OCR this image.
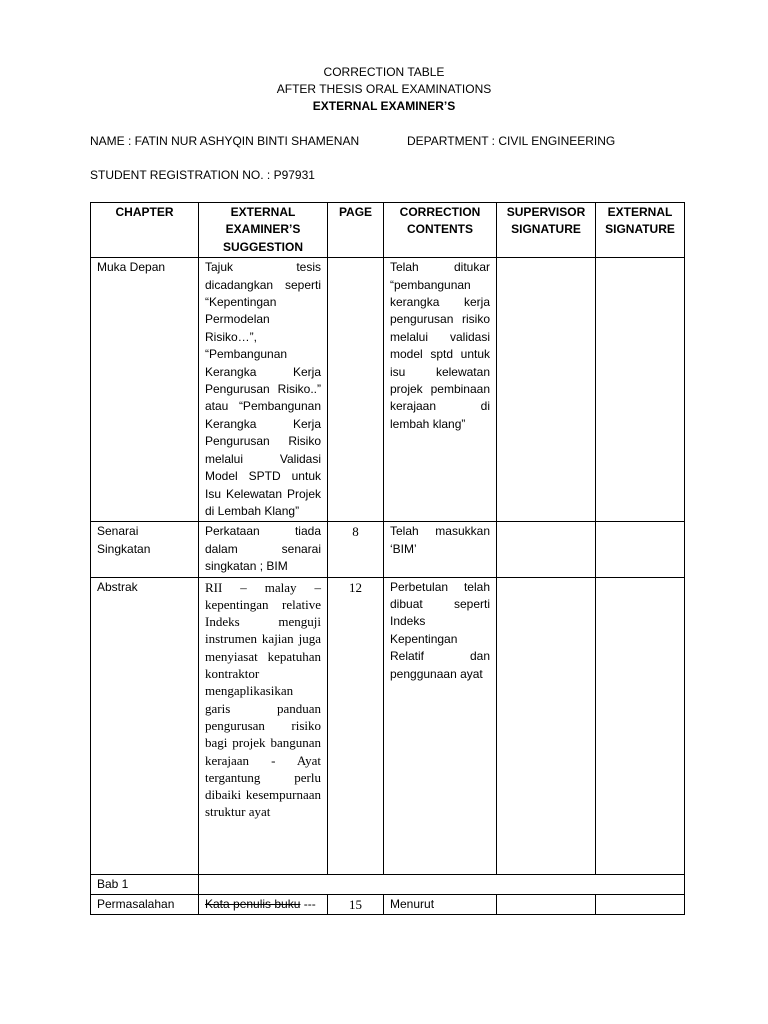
CORRECTION TABLE
AFTER THESIS ORAL EXAMINATIONS
EXTERNAL EXAMINER’S
NAME : FATIN NUR ASHYQIN BINTI SHAMENAN	DEPARTMENT : CIVIL ENGINEERING
STUDENT REGISTRATION NO. : P97931
CHAPTER	EXTERNAL EXAMINER’S SUGGESTION	PAGE	CORRECTION CONTENTS	SUPERVISOR SIGNATURE	EXTERNAL SIGNATURE
Muka Depan	Tajuk tesis dicadangkan seperti “Kepentingan Permodelan Risiko…”, “Pembangunan Kerangka Kerja Pengurusan Risiko..” atau “Pembangunan Kerangka Kerja Pengurusan Risiko melalui Validasi Model SPTD untuk Isu Kelewatan Projek di Lembah Klang”		Telah ditukar “pembangunan kerangka kerja pengurusan risiko melalui validasi model sptd untuk isu kelewatan projek pembinaan kerajaan di lembah klang”		
Senarai Singkatan	Perkataan tiada dalam senarai singkatan ; BIM	8	Telah masukkan ‘BIM’		
Abstrak	RII – malay – kepentingan relative Indeks menguji instrumen kajian juga menyiasat kepatuhan kontraktor mengaplikasikan garis panduan pengurusan risiko bagi projek bangunan kerajaan - Ayat tergantung perlu dibaiki kesempurnaan struktur ayat	12	Perbetulan telah dibuat seperti Indeks Kepentingan Relatif dan penggunaan ayat		
Bab 1					
Permasalahan	Kata penulis buku ---	15	Menurut		
